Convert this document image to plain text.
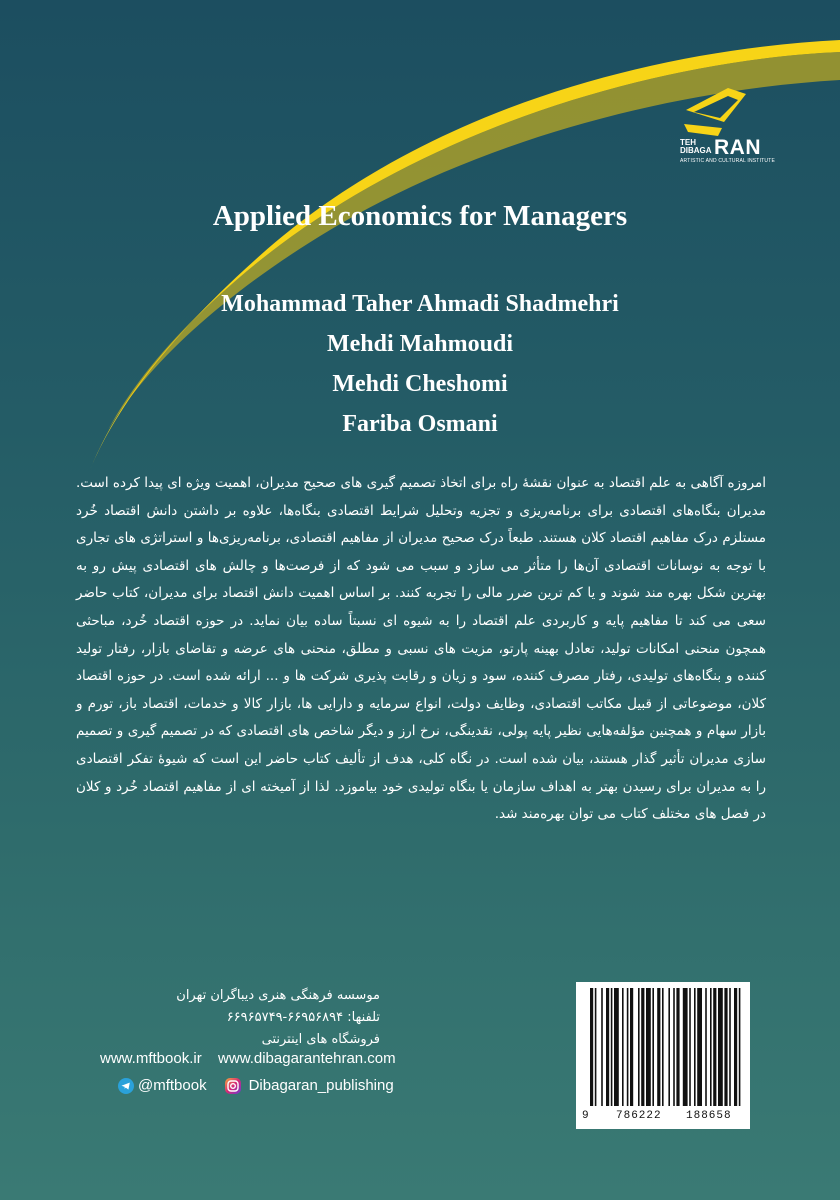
TEH DIBAGA RAN
ARTISTIC AND CULTURAL INSTITUTE
Applied Economics for Managers
Mohammad Taher Ahmadi Shadmehri
Mehdi Mahmoudi
Mehdi Cheshomi
Fariba Osmani
امروزه آگاهی به علم اقتصاد به عنوان نقشهٔ راه برای اتخاذ تصمیم گیری های صحیح مدیران، اهمیت ویژه ای پیدا کرده است. مدیران بنگاه‌های اقتصادی برای برنامه‌ریزی و تجزیه وتحلیل شرایط اقتصادی بنگاه‌ها، علاوه بر داشتن دانش اقتصاد خُرد مستلزم درک مفاهیم اقتصاد کلان هستند. طبعاً درک صحیح مدیران از مفاهیم اقتصادی، برنامه‌ریزی‌ها و استراتژی های تجاری با توجه به نوسانات اقتصادی آن‌ها را متأثر می سازد و سبب می شود که از فرصت‌ها و چالش های اقتصادی پیش رو به بهترین شکل بهره مند شوند و یا کم ترین ضرر مالی را تجربه کنند. بر اساس اهمیت دانش اقتصاد برای مدیران، کتاب حاضر سعی می کند تا مفاهیم پایه و کاربردی علم اقتصاد را به شیوه ای نسبتاً ساده بیان نماید. در حوزه اقتصاد خُرد، مباحثی همچون منحنی امکانات تولید، تعادل بهینه پارتو، مزیت های نسبی و مطلق، منحنی های عرضه و تقاضای بازار، رفتار تولید کننده و بنگاه‌های تولیدی، رفتار مصرف کننده، سود و زیان و رقابت پذیری شرکت ها و ... ارائه شده است. در حوزه اقتصاد کلان، موضوعاتی از قبیل مکاتب اقتصادی، وظایف دولت، انواع سرمایه و دارایی ها، بازار کالا و خدمات، اقتصاد باز، تورم و بازار سهام و همچنین مؤلفه‌هایی نظیر پایه پولی، نقدینگی، نرخ ارز و دیگر شاخص های اقتصادی که در تصمیم گیری و تصمیم سازی مدیران تأثیر گذار هستند، بیان شده است. در نگاه کلی، هدف از تألیف کتاب حاضر این است که شیوهٔ تفکر اقتصادی را به مدیران برای رسیدن بهتر به اهداف سازمان یا بنگاه تولیدی خود بیاموزد. لذا از آمیخته ای از مفاهیم اقتصاد خُرد و کلان در فصل های مختلف کتاب می توان بهره‌مند شد.
موسسه فرهنگی هنری دیباگران تهران
تلفنها: ۶۶۹۵۶۸۹۴-۶۶۹۶۵۷۴۹
فروشگاه های اینترنتی
www.mftbook.ir www.dibagarantehran.com
@mftbook	Dibagaran_publishing
9 786222 188658
